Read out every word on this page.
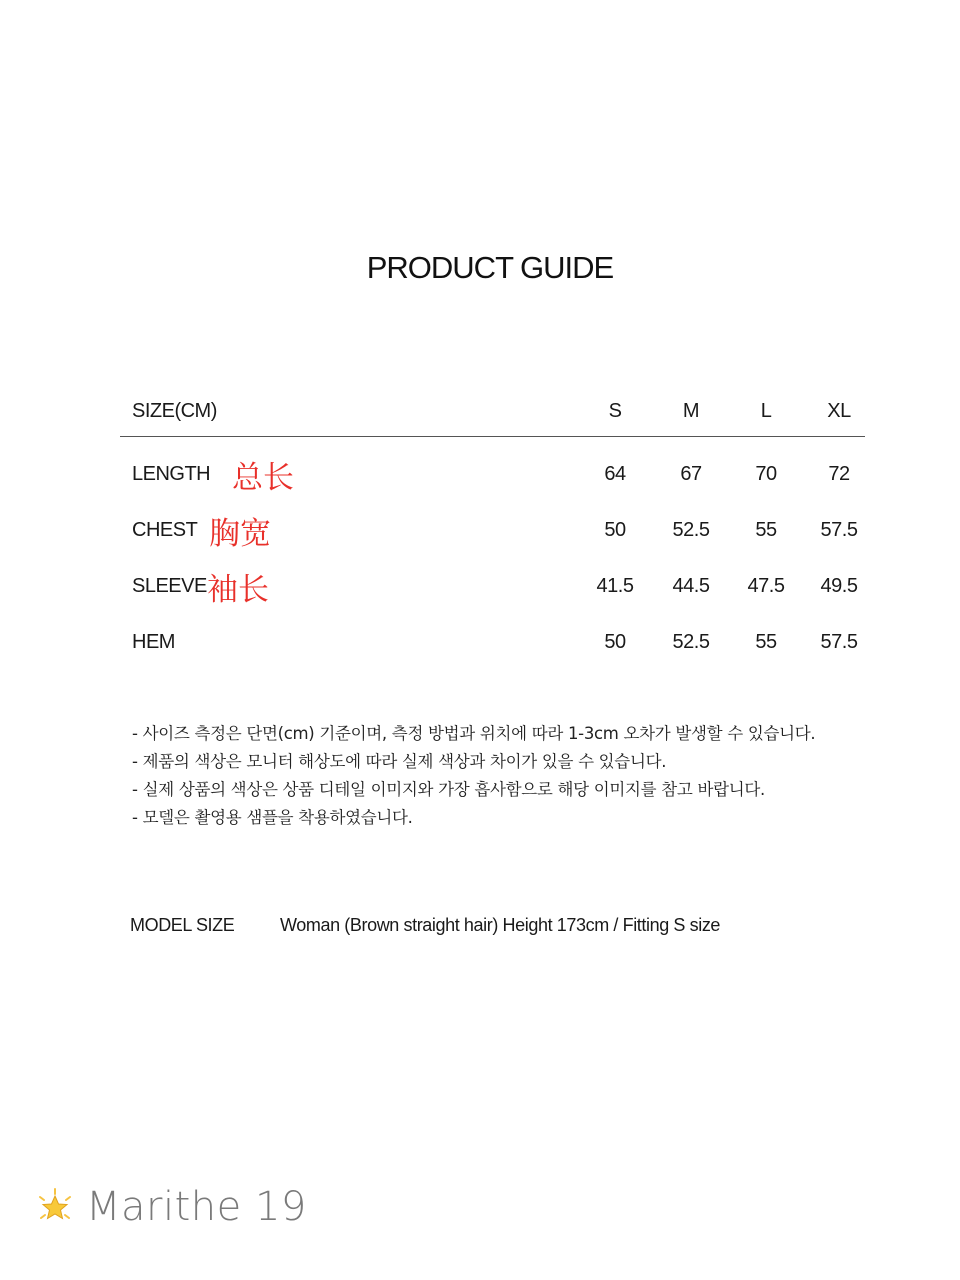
PRODUCT GUIDE
SIZE(CM)	S	M	L	XL
LENGTH 总长	64	67	70	72
CHEST 胸宽	50	52.5	55	57.5
SLEEVE 袖长	41.5	44.5	47.5	49.5
HEM	50	52.5	55	57.5
- 사이즈 측정은 단면(cm) 기준이며, 측정 방법과 위치에 따라 1-3cm 오차가 발생할 수 있습니다.
- 제품의 색상은 모니터 해상도에 따라 실제 색상과 차이가 있을 수 있습니다.
- 실제 상품의 색상은 상품 디테일 이미지와 가장 흡사함으로 해당 이미지를 참고 바랍니다.
- 모델은 촬영용 샘플을 착용하였습니다.
MODEL SIZE	Woman (Brown straight hair) Height 173cm / Fitting S size
Marithe 19
